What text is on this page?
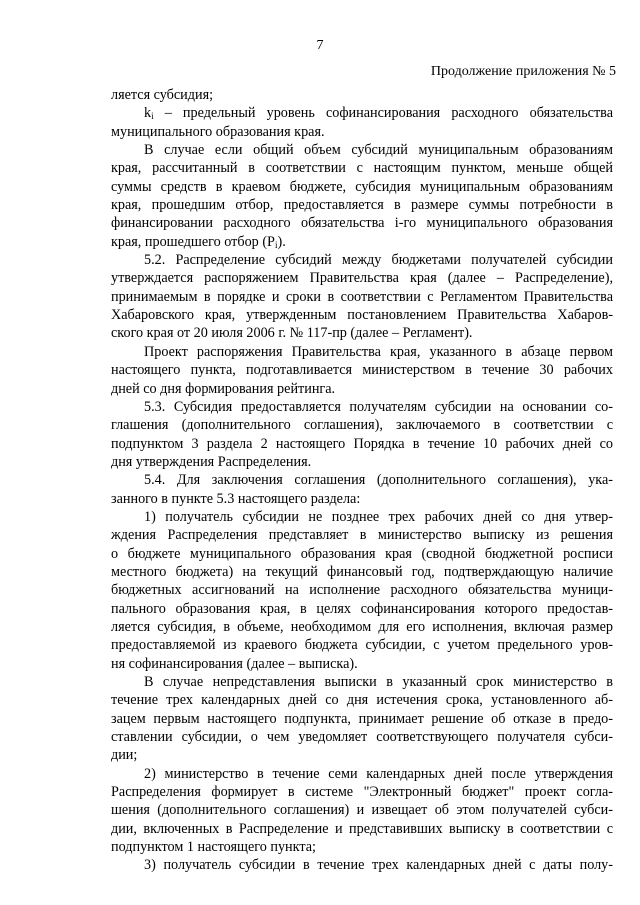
7
Продолжение приложения № 5
ляется субсидия;
$k_i$ – предельный уровень софинансирования расходного обязательства
муниципального образования края.
В случае если общий объем субсидий муниципальным образованиям
края, рассчитанный в соответствии с настоящим пунктом, меньше общей
суммы средств в краевом бюджете, субсидия муниципальным образованиям
края, прошедшим отбор, предоставляется в размере суммы потребности в
финансировании расходного обязательства i-го муниципального образования
края, прошедшего отбор $(P_i)$.
5.2. Распределение субсидий между бюджетами получателей субсидии
утверждается распоряжением Правительства края (далее – Распределение),
принимаемым в порядке и сроки в соответствии с Регламентом Правительства
Хабаровского края, утвержденным постановлением Правительства Хабаров-
ского края от 20 июля 2006 г. № 117-пр (далее – Регламент).
Проект распоряжения Правительства края, указанного в абзаце первом
настоящего пункта, подготавливается министерством в течение 30 рабочих
дней со дня формирования рейтинга.
5.3. Субсидия предоставляется получателям субсидии на основании со-
глашения (дополнительного соглашения), заключаемого в соответствии с
подпунктом 3 раздела 2 настоящего Порядка в течение 10 рабочих дней со
дня утверждения Распределения.
5.4. Для заключения соглашения (дополнительного соглашения), ука-
занного в пункте 5.3 настоящего раздела:
1) получатель субсидии не позднее трех рабочих дней со дня утвер-
ждения Распределения представляет в министерство выписку из решения
о бюджете муниципального образования края (сводной бюджетной росписи
местного бюджета) на текущий финансовый год, подтверждающую наличие
бюджетных ассигнований на исполнение расходного обязательства муници-
пального образования края, в целях софинансирования которого предостав-
ляется субсидия, в объеме, необходимом для его исполнения, включая размер
предоставляемой из краевого бюджета субсидии, с учетом предельного уров-
ня софинансирования (далее – выписка).
В случае непредставления выписки в указанный срок министерство в
течение трех календарных дней со дня истечения срока, установленного аб-
зацем первым настоящего подпункта, принимает решение об отказе в предо-
ставлении субсидии, о чем уведомляет соответствующего получателя субси-
дии;
2) министерство в течение семи календарных дней после утверждения
Распределения формирует в системе "Электронный бюджет" проект соглa-
шения (дополнительного соглашения) и извещает об этом получателей субси-
дии, включенных в Распределение и представивших выписку в соответствии с
подпунктом 1 настоящего пункта;
3) получатель субсидии в течение трех календарных дней с даты полу-
